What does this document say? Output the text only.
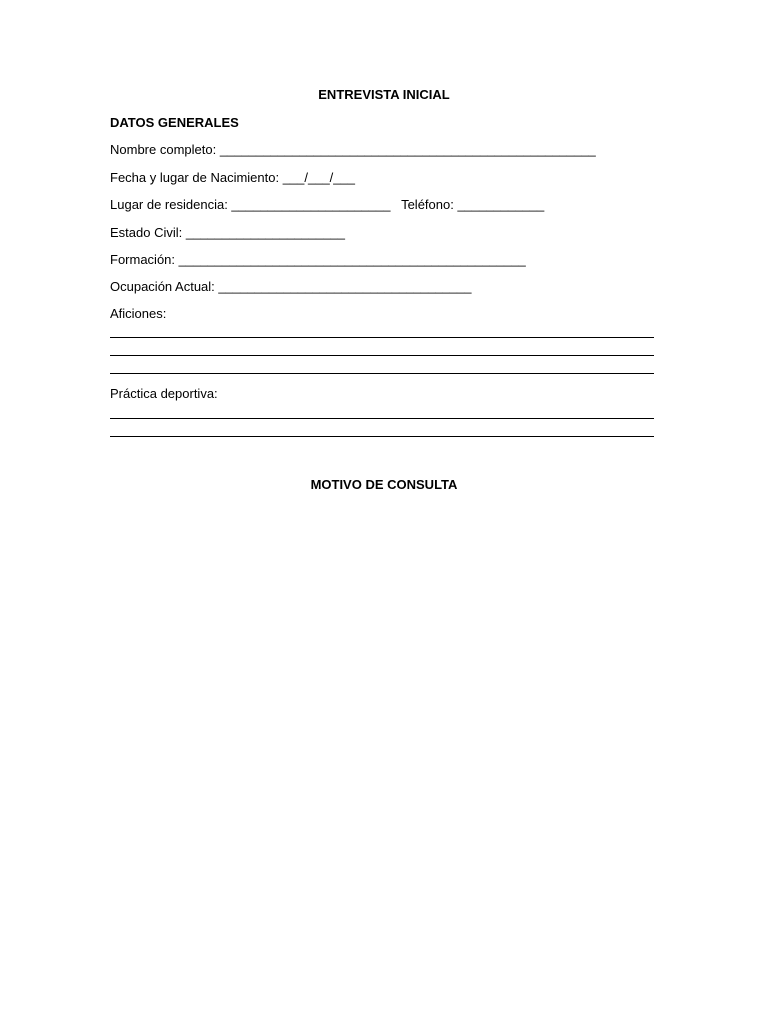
ENTREVISTA INICIAL
DATOS GENERALES
Nombre completo: ____________________________________________________
Fecha y lugar de Nacimiento: ___/___/___
Lugar de residencia: ______________________   Teléfono: ____________
Estado Civil: ______________________
Formación: ________________________________________________
Ocupación Actual: ___________________________________
Aficiones:
Práctica deportiva:
MOTIVO DE CONSULTA
